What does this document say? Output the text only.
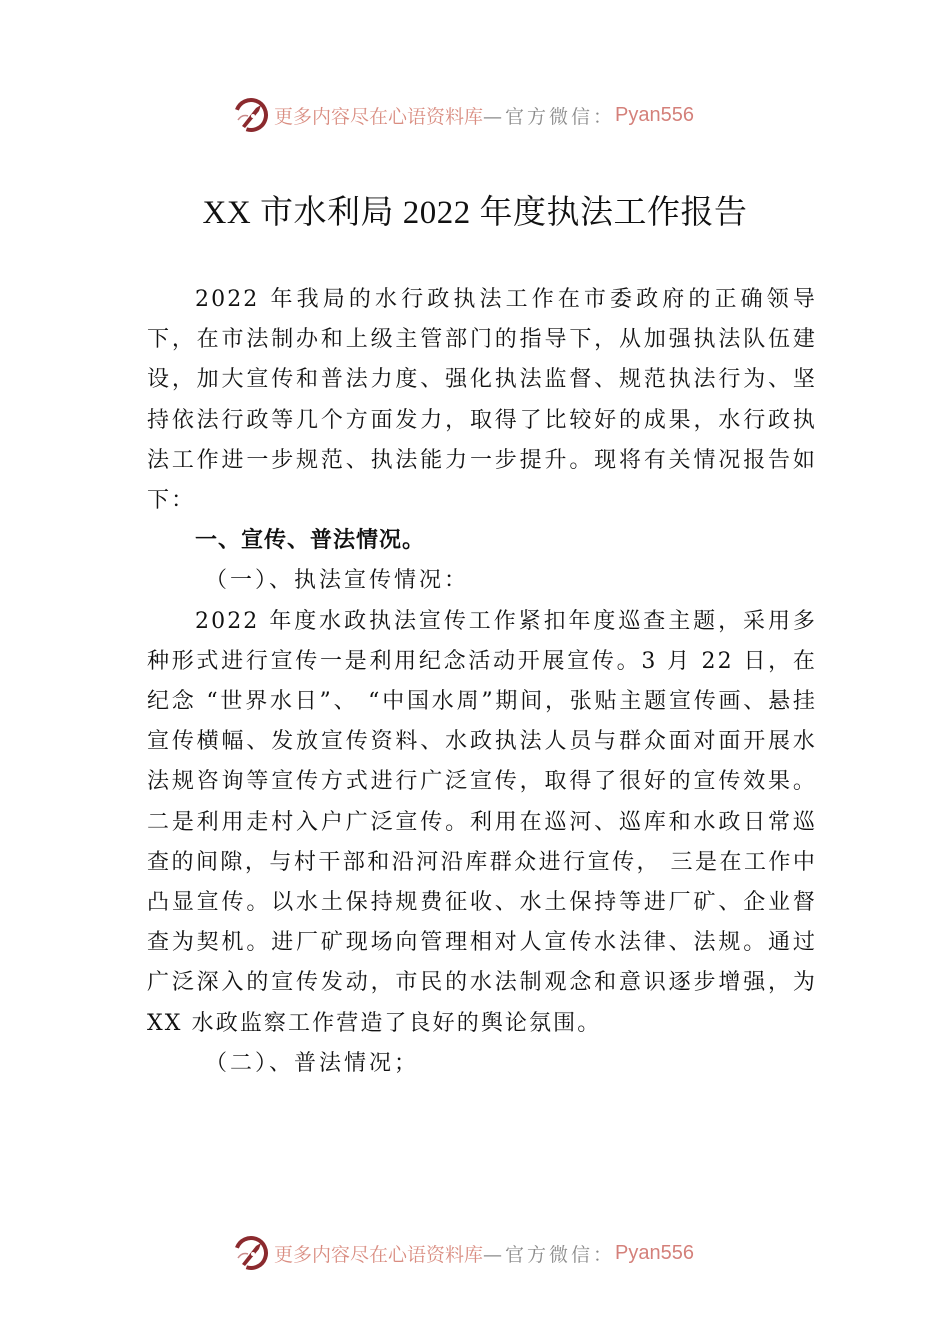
更多内容尽在心语资料库 —官方微信： Pyan556
XX 市水利局 2022 年度执法工作报告

2022 年我局的水行政执法工作在市委政府的正确领导下，在市法制办和上级主管部门的指导下，从加强执法队伍建设，加大宣传和普法力度、强化执法监督、规范执法行为、坚持依法行政等几个方面发力，取得了比较好的成果，水行政执法工作进一步规范、执法能力一步提升。现将有关情况报告如下：

一、宣传、普法情况。

（一）、执法宣传情况：

2022 年度水政执法宣传工作紧扣年度巡查主题，采用多种形式进行宣传一是利用纪念活动开展宣传。3 月 22 日，在纪念 “世界水日”、 “中国水周”期间，张贴主题宣传画、悬挂宣传横幅、发放宣传资料、水政执法人员与群众面对面开展水法规咨询等宣传方式进行广泛宣传，取得了很好的宣传效果。二是利用走村入户广泛宣传。利用在巡河、巡库和水政日常巡查的间隙，与村干部和沿河沿库群众进行宣传， 三是在工作中凸显宣传。以水土保持规费征收、水土保持等进厂矿、企业督查为契机。进厂矿现场向管理相对人宣传水法律、法规。通过广泛深入的宣传发动，市民的水法制观念和意识逐步增强，为 XX 水政监察工作营造了良好的舆论氛围。

（二）、普法情况；

更多内容尽在心语资料库 —官方微信： Pyan556
